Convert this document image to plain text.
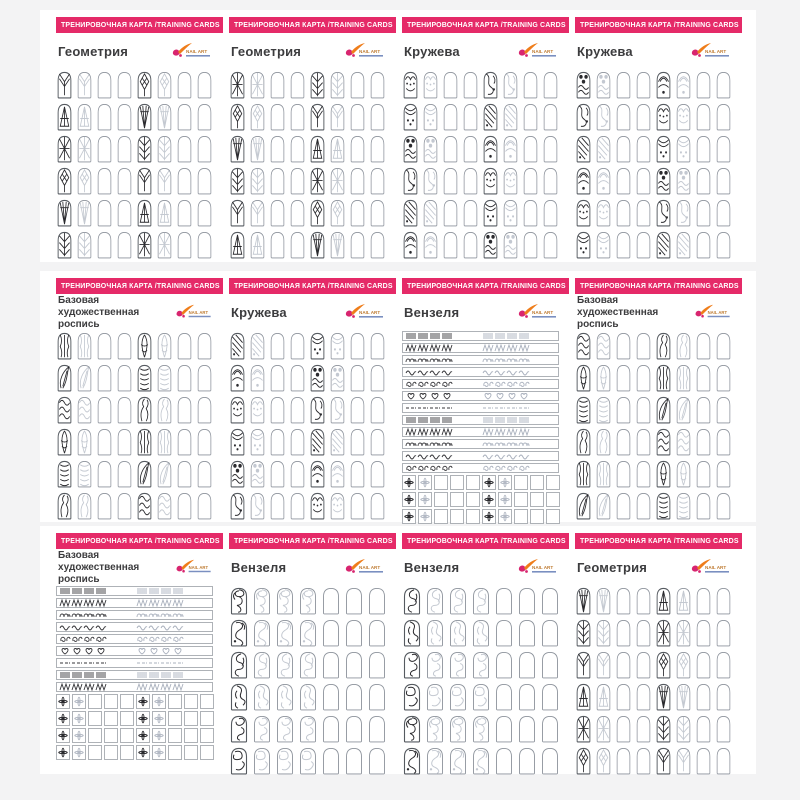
ТРЕНИРОВОЧНАЯ КАРТА /TRAINING CARDS
Геометрия	NAIL ART
ТРЕНИРОВОЧНАЯ КАРТА /TRAINING CARDS
Геометрия	NAIL ART
ТРЕНИРОВОЧНАЯ КАРТА /TRAINING CARDS
Кружева	NAIL ART
ТРЕНИРОВОЧНАЯ КАРТА /TRAINING CARDS
Кружева	NAIL ART
ТРЕНИРОВОЧНАЯ КАРТА /TRAINING CARDS
Базовая
художественная роспись
NAIL ART
ТРЕНИРОВОЧНАЯ КАРТА /TRAINING CARDS
Кружева	NAIL ART
ТРЕНИРОВОЧНАЯ КАРТА /TRAINING CARDS
Вензеля	NAIL ART
ТРЕНИРОВОЧНАЯ КАРТА /TRAINING CARDS
Базовая
художественная роспись
NAIL ART
ТРЕНИРОВОЧНАЯ КАРТА /TRAINING CARDS
Базовая
художественная роспись
NAIL ART
ТРЕНИРОВОЧНАЯ КАРТА /TRAINING CARDS
Вензеля	NAIL ART
ТРЕНИРОВОЧНАЯ КАРТА /TRAINING CARDS
Вензеля	NAIL ART
ТРЕНИРОВОЧНАЯ КАРТА /TRAINING CARDS
Геометрия	NAIL ART
